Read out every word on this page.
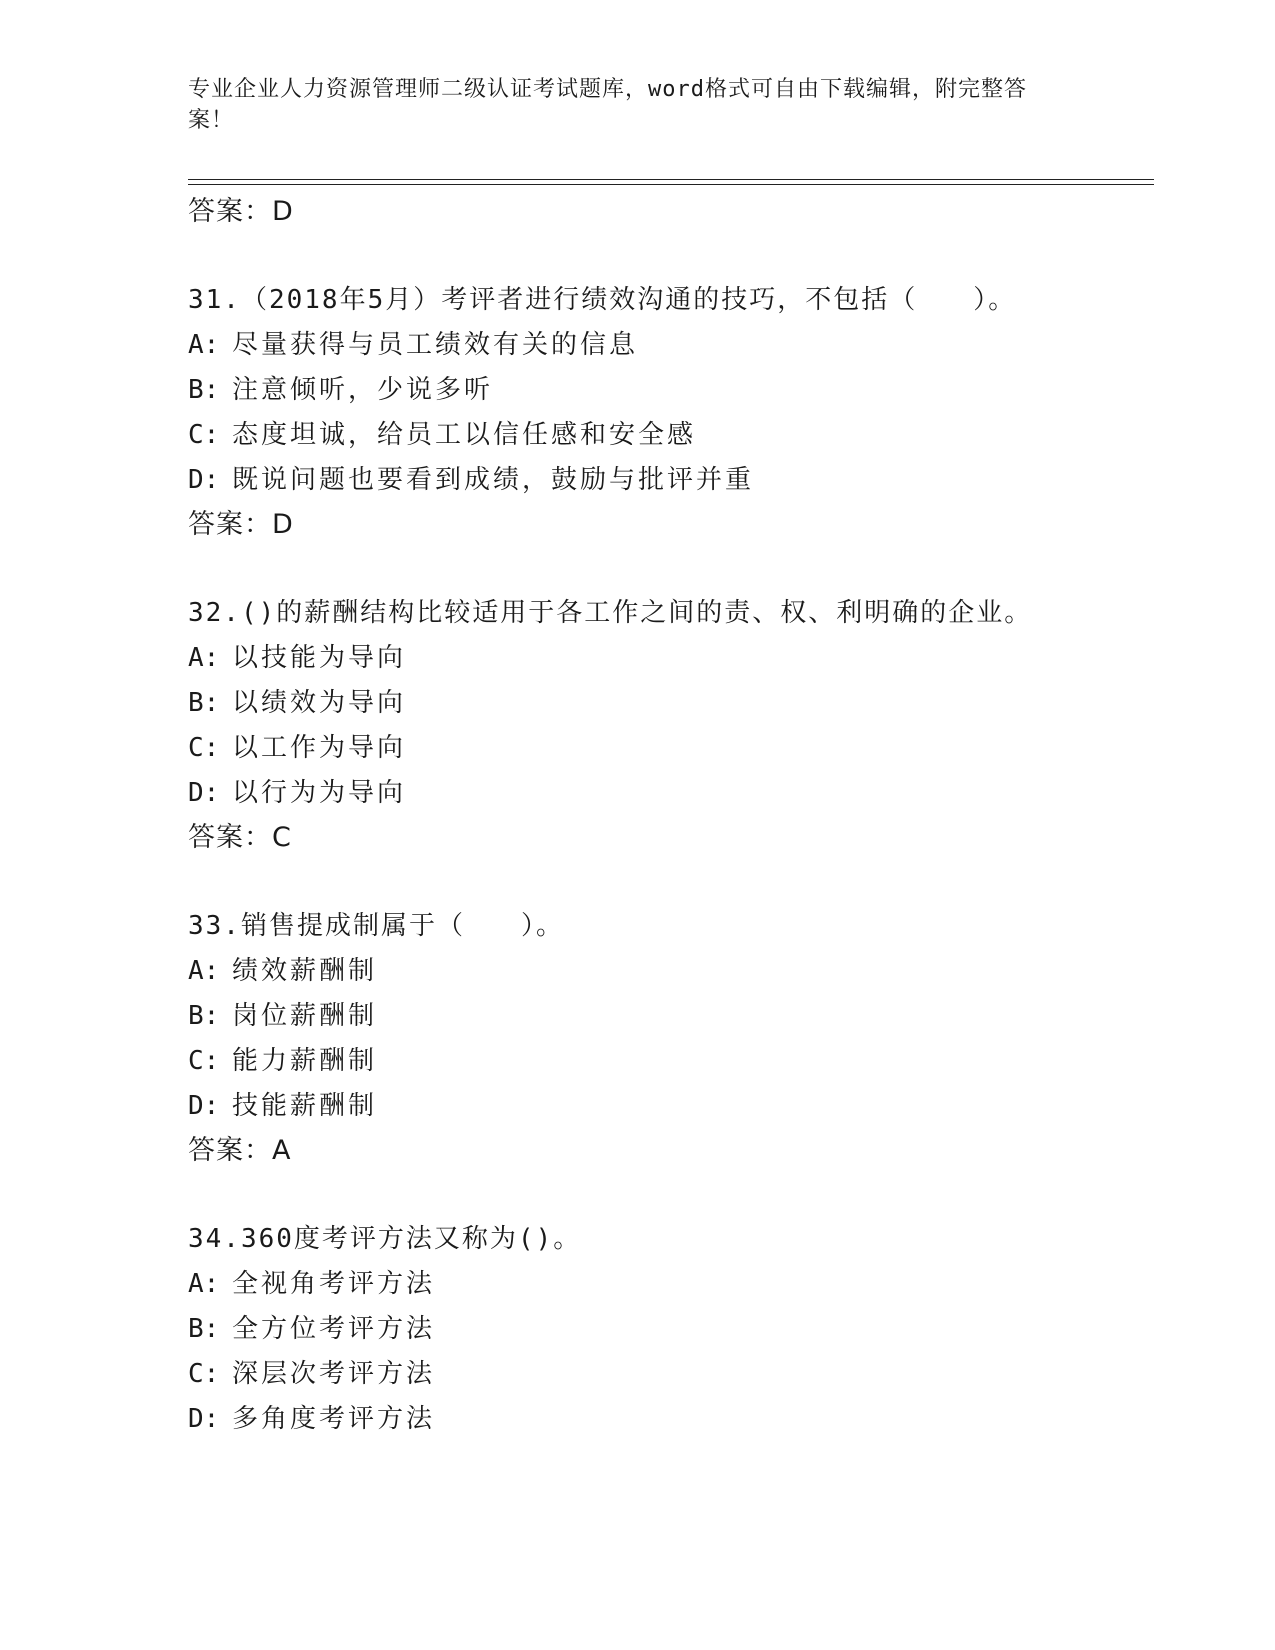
专业企业人力资源管理师二级认证考试题库，word格式可自由下载编辑，附完整答案！
答案：D
31.（2018年5月）考评者进行绩效沟通的技巧，不包括（　　）。
A: 尽量获得与员工绩效有关的信息
B: 注意倾听，少说多听
C: 态度坦诚，给员工以信任感和安全感
D: 既说问题也要看到成绩，鼓励与批评并重
答案：D
32.()的薪酬结构比较适用于各工作之间的责、权、利明确的企业。
A: 以技能为导向
B: 以绩效为导向
C: 以工作为导向
D: 以行为为导向
答案：C
33.销售提成制属于（　　）。
A: 绩效薪酬制
B: 岗位薪酬制
C: 能力薪酬制
D: 技能薪酬制
答案：A
34.360度考评方法又称为()。
A: 全视角考评方法
B: 全方位考评方法
C: 深层次考评方法
D: 多角度考评方法
